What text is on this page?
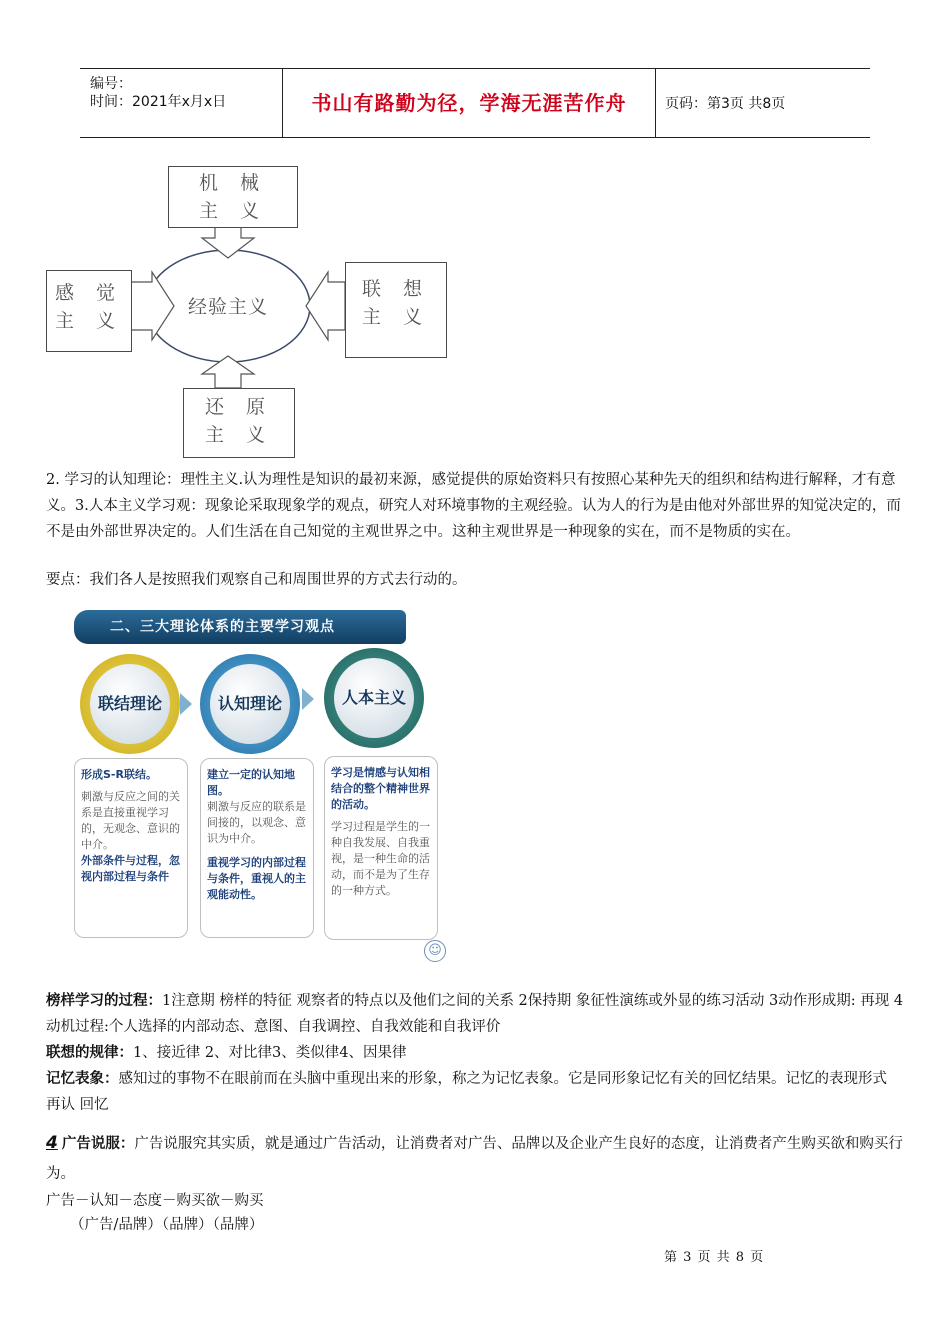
编号：
时间：2021年x月x日	书山有路勤为径，学海无涯苦作舟	页码：第3页 共8页
机 械
主 义
感 觉
主 义
联 想
主 义
还 原
主 义
经验主义
2. 学习的认知理论：理性主义.认为理性是知识的最初来源，感觉提供的原始资料只有按照心某种先天的组织和结构进行解释，才有意义。3.人本主义学习观：现象论采取现象学的观点，研究人对环境事物的主观经验。认为人的行为是由他对外部世界的知觉决定的，而不是由外部世界决定的。人们生活在自己知觉的主观世界之中。这种主观世界是一种现象的实在，而不是物质的实在。
要点：我们各人是按照我们观察自己和周围世界的方式去行动的。
二、三大理论体系的主要学习观点
联结理论	认知理论	人本主义
形成S-R联结。
刺激与反应之间的关系是直接重视学习的，无观念、意识的中介。
外部条件与过程，忽视内部过程与条件
建立一定的认知地图。
刺激与反应的联系是间接的，以观念、意识为中介。
重视学习的内部过程与条件，重视人的主观能动性。
学习是情感与认知相结合的整个精神世界的活动。
学习过程是学生的一种自我发展、自我重视，是一种生命的活动，而不是为了生存的一种方式。
☺
榜样学习的过程：1注意期 榜样的特征 观察者的特点以及他们之间的关系 2保持期 象征性演练或外显的练习活动 3动作形成期: 再现 4动机过程:个人选择的内部动态、意图、自我调控、自我效能和自我评价
联想的规律：1、接近律 2、对比律3、类似律4、因果律
记忆表象：感知过的事物不在眼前而在头脑中重现出来的形象，称之为记忆表象。它是同形象记忆有关的回忆结果。记忆的表现形式 再认 回忆
4 广告说服：广告说服究其实质，就是通过广告活动，让消费者对广告、品牌以及企业产生良好的态度，让消费者产生购买欲和购买行为。
广告－认知－态度－购买欲－购买
（广告/品牌）（品牌）（品牌）
第 3 页 共 8 页
